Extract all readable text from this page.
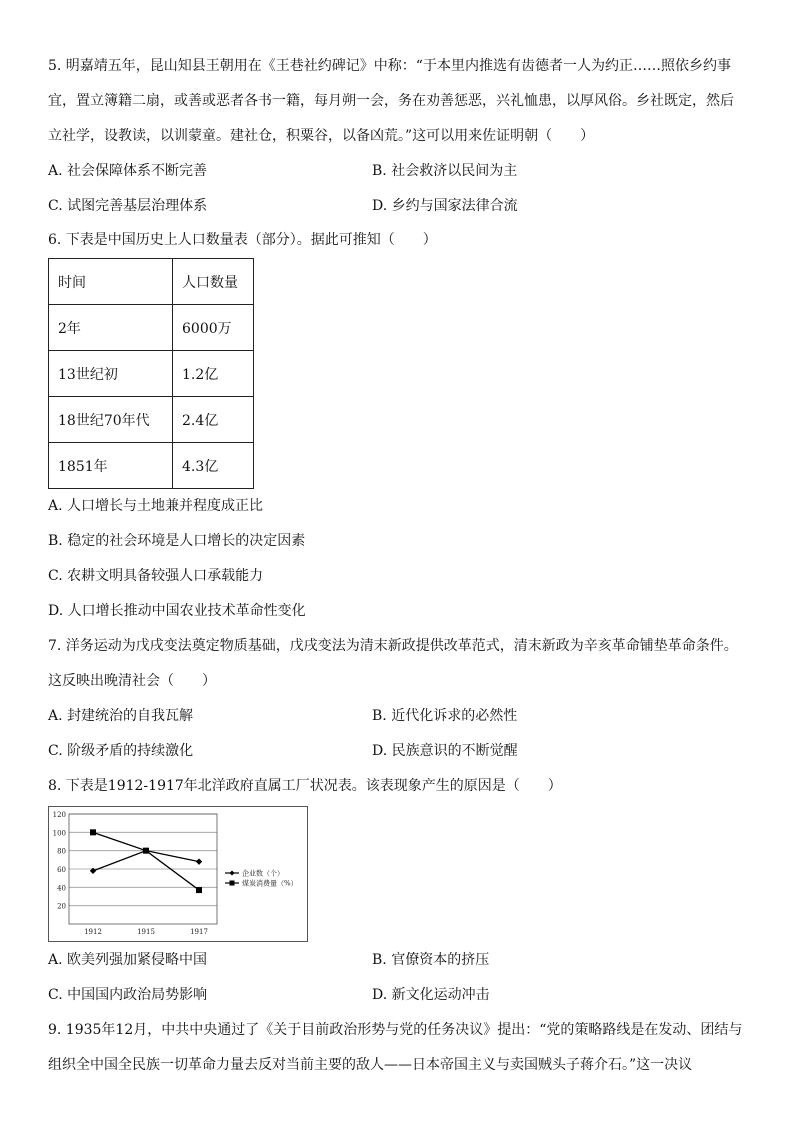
5. 明嘉靖五年，昆山知县王朝用在《王巷社约碑记》中称：“于本里内推选有齿德者一人为约正……照依乡约事
宜，置立簿籍二扇，或善或恶者各书一籍，每月朔一会，务在劝善惩恶，兴礼恤患，以厚风俗。乡社既定，然后
立社学，设教读，以训蒙童。建社仓，积粟谷，以备凶荒。”这可以用来佐证明朝（　　）
A. 社会保障体系不断完善	B. 社会救济以民间为主
C. 试图完善基层治理体系	D. 乡约与国家法律合流
6. 下表是中国历史上人口数量表（部分）。据此可推知（　　）
时间	人口数量
2年	6000万
13世纪初	1.2亿
18世纪70年代	2.4亿
1851年	4.3亿
A. 人口增长与土地兼并程度成正比
B. 稳定的社会环境是人口增长的决定因素
C. 农耕文明具备较强人口承载能力
D. 人口增长推动中国农业技术革命性变化
7. 洋务运动为戊戌变法奠定物质基础，戊戌变法为清末新政提供改革范式，清末新政为辛亥革命铺垫革命条件。
这反映出晚清社会（　　）
A. 封建统治的自我瓦解	B. 近代化诉求的必然性
C. 阶级矛盾的持续激化	D. 民族意识的不断觉醒
8. 下表是1912-1917年北洋政府直属工厂状况表。该表现象产生的原因是（　　）
120
100
80
60
40
20
1912	1915	1917
企业数（个）
煤炭消费量（%）
A. 欧美列强加紧侵略中国	B. 官僚资本的挤压
C. 中国国内政治局势影响	D. 新文化运动冲击
9. 1935年12月，中共中央通过了《关于目前政治形势与党的任务决议》提出：“党的策略路线是在发动、团结与
组织全中国全民族一切革命力量去反对当前主要的敌人——日本帝国主义与卖国贼头子蒋介石。”这一决议
